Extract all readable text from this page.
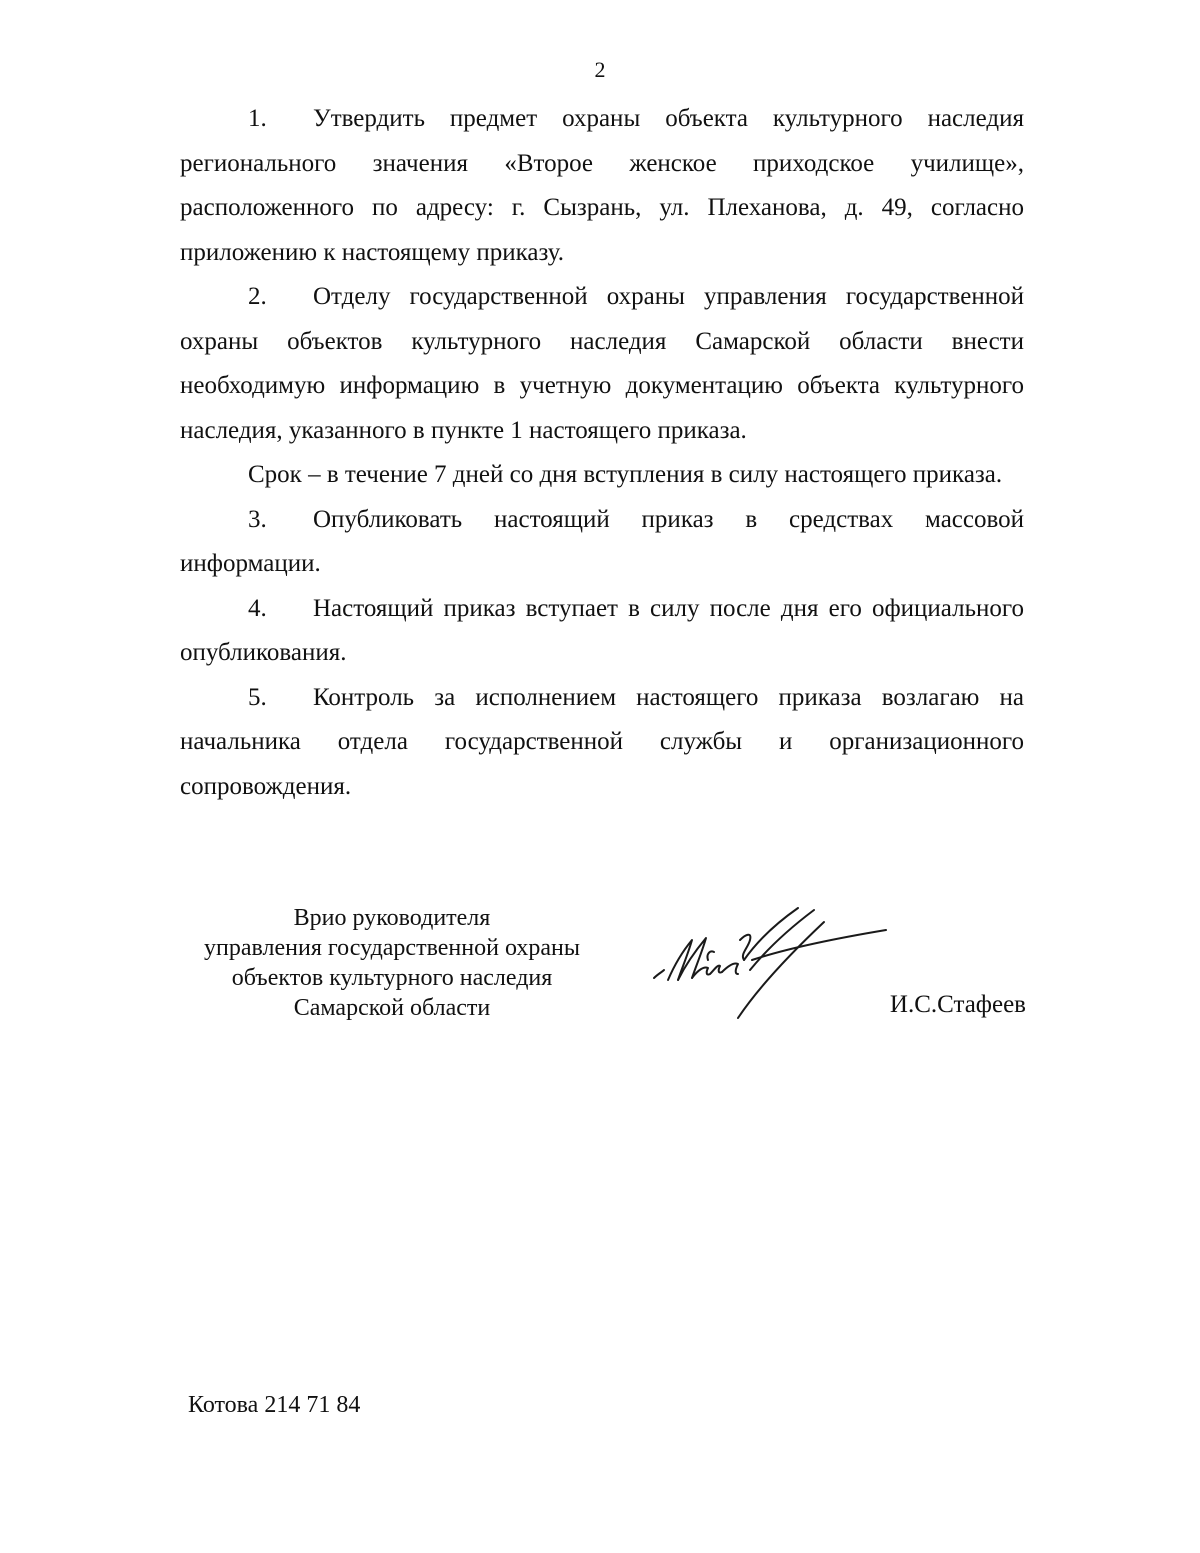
2

1. Утвердить предмет охраны объекта культурного наследия регионального значения «Второе женское приходское училище», расположенного по адресу: г. Сызрань, ул. Плеханова, д. 49, согласно приложению к настоящему приказу.

2. Отделу государственной охраны управления государственной охраны объектов культурного наследия Самарской области внести необходимую информацию в учетную документацию объекта культурного наследия, указанного в пункте 1 настоящего приказа.

Срок – в течение 7 дней со дня вступления в силу настоящего приказа.

3. Опубликовать настоящий приказ в средствах массовой информации.

4. Настоящий приказ вступает в силу после дня его официального опубликования.

5. Контроль за исполнением настоящего приказа возлагаю на начальника отдела государственной службы и организационного сопровождения.

Врио руководителя
управления государственной охраны
объектов культурного наследия
Самарской области	И.С.Стафеев
Котова 214 71 84
